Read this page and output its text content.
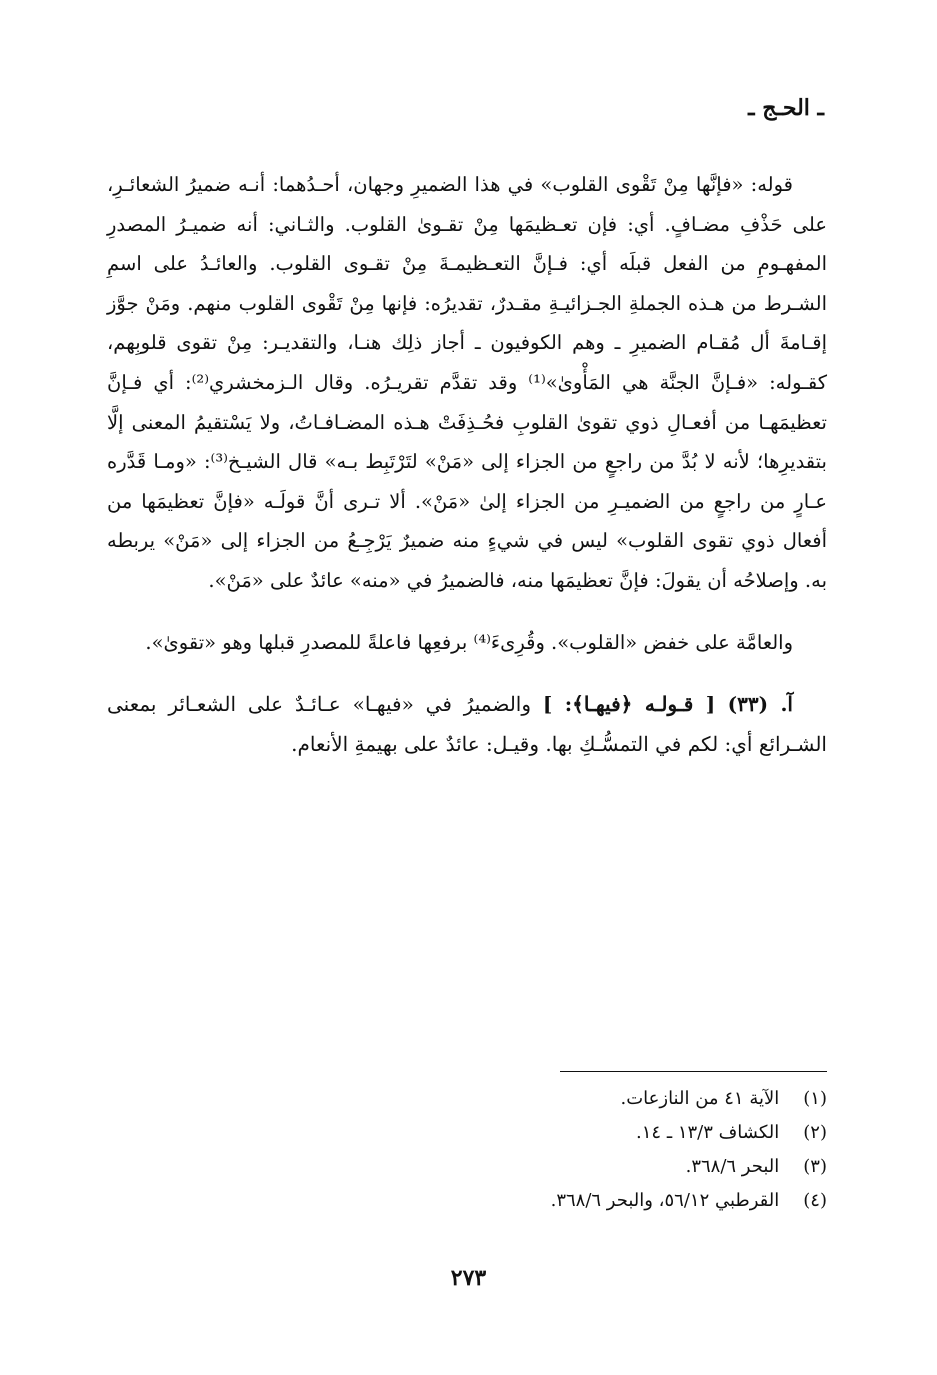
ـ الحـج ـ

قوله: «فإنَّها مِنْ تَقْوى القلوب» في هذا الضميرِ وجهان، أحـدُهما: أنـه ضميرُ الشعائـرِ، على حَذْفِ مضـافٍ. أي: فإن تعـظيمَها مِنْ تقـوىٰ القلوب. والثـاني: أنه ضميـرُ المصدرِ المفهـومِ من الفعل قبلَه أي: فـإنَّ التعـظيمـةَ مِنْ تقـوى القلوب. والعائـدُ على اسمِ الشـرط من هـذه الجملةِ الجـزائيـةِ مقـدرٌ، تقديرُه: فإنها مِنْ تَقْوى القلوب منهم. ومَنْ جوَّز إقـامةَ أل مُقـام الضميرِ ـ وهم الكوفيون ـ أجاز ذلِك هنـا، والتقديـر: مِنْ تقوى قلوبِهم، كقـوله: «فـإنَّ الجنَّة هي المَأْوىٰ»⁽¹⁾ وقد تقدَّم تقريـرُه. وقال الـزمخشري⁽²⁾: أي فـإنَّ تعظيمَهـا من أفعـالِ ذوي تقوىٰ القلوبِ فحُـذِفَتْ هـذه المضـافـاتُ، ولا يَسْتقيمُ المعنى إلَّا بتقديرِها؛ لأنه لا بُدَّ من راجعٍ من الجزاء إلى «مَنْ» لتَرْتَبِط بـه» قال الشيـخ⁽³⁾: «ومـا قَدَّره عـارٍ من راجعٍ من الضميـرِ من الجزاء إلىٰ «مَنْ». ألا تـرى أنَّ قولَـه «فإنَّ تعظيمَها من أفعال ذوي تقوى القلوب» ليس في شيءٍ منه ضميرٌ يَرْجِـعُ من الجزاء إلى «مَنْ» يربطه به. وإصلاحُه أن يقولَ: فإنَّ تعظيمَها منه، فالضميرُ في «منه» عائدٌ على «مَنْ».

والعامَّة على خفض «القلوب». وقُرِىءَ⁽⁴⁾ برفعِها فاعلةً للمصدرِ قبلها وهو «تقوىٰ».

آ. (٣٣) [ قـولـه ﴿فيهـا﴾: ] والضميرُ في «فيهـا» عـائـدٌ على الشعـائر بمعنى الشـرائع أي: لكم في التمسُّـكِ بها. وقيـل: عائدٌ على بهيمةِ الأنعام.

(١) الآية ٤١ من النازعات.
(٢) الكشاف ١٣/٣ ـ ١٤.
(٣) البحر ٣٦٨/٦.
(٤) القرطبي ٥٦/١٢، والبحر ٣٦٨/٦.
٢٧٣
